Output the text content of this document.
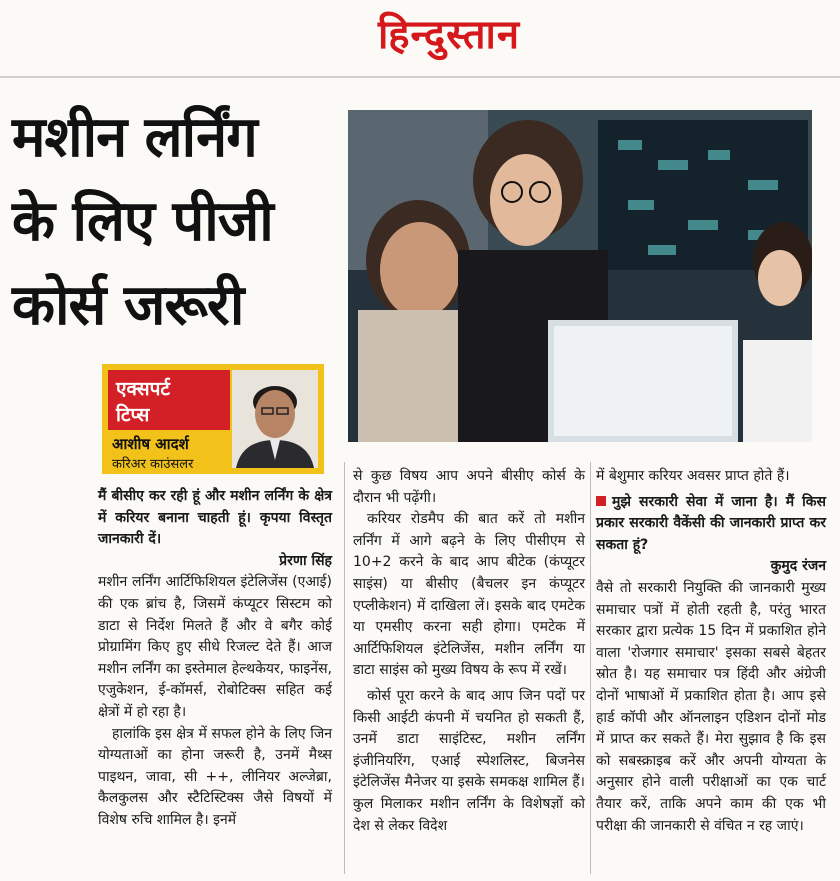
हिन्दुस्तान
मशीन लर्निंग
के लिए पीजी
कोर्स जरूरी
एक्सपर्ट
टिप्स
आशीष आदर्श
करिअर काउंसलर

मैं बीसीए कर रही हूं और मशीन लर्निंग के क्षेत्र में करियर बनाना चाहती हूं। कृपया विस्तृत जानकारी दें।

प्रेरणा सिंह

मशीन लर्निंग आर्टिफिशियल इंटेलिजेंस (एआई) की एक ब्रांच है, जिसमें कंप्यूटर सिस्टम को डाटा से निर्देश मिलते हैं और वे बगैर कोई प्रोग्रामिंग किए हुए सीधे रिजल्ट देते हैं। आज मशीन लर्निंग का इस्तेमाल हेल्थकेयर, फाइनेंस, एजुकेशन, ई-कॉमर्स, रोबोटिक्स सहित कई क्षेत्रों में हो रहा है।

हालांकि इस क्षेत्र में सफल होने के लिए जिन योग्यताओं का होना जरूरी है, उनमें मैथ्स पाइथन, जावा, सी ++, लीनियर अल्जेब्रा, कैलकुलस और स्टैटिस्टिक्स जैसे विषयों में विशेष रुचि शामिल है। इनमें

से कुछ विषय आप अपने बीसीए कोर्स के दौरान भी पढ़ेंगी।

करियर रोडमैप की बात करें तो मशीन लर्निंग में आगे बढ़ने के लिए पीसीएम से 10+2 करने के बाद आप बीटेक (कंप्यूटर साइंस) या बीसीए (बैचलर इन कंप्यूटर एप्लीकेशन) में दाखिला लें। इसके बाद एमटेक या एमसीए करना सही होगा। एमटेक में आर्टिफिशियल इंटेलिजेंस, मशीन लर्निंग या डाटा साइंस को मुख्य विषय के रूप में रखें।

कोर्स पूरा करने के बाद आप जिन पदों पर किसी आईटी कंपनी में चयनित हो सकती हैं, उनमें डाटा साइंटिस्ट, मशीन लर्निंग इंजीनियरिंग, एआई स्पेशलिस्ट, बिजनेस इंटेलिजेंस मैनेजर या इसके समकक्ष शामिल हैं। कुल मिलाकर मशीन लर्निंग के विशेषज्ञों को देश से लेकर विदेश

में बेशुमार करियर अवसर प्राप्त होते हैं।

मुझे सरकारी सेवा में जाना है। मैं किस प्रकार सरकारी वैकेंसी की जानकारी प्राप्त कर सकता हूं?

कुमुद रंजन

वैसे तो सरकारी नियुक्ति की जानकारी मुख्य समाचार पत्रों में होती रहती है, परंतु भारत सरकार द्वारा प्रत्येक 15 दिन में प्रकाशित होने वाला 'रोजगार समाचार' इसका सबसे बेहतर स्रोत है। यह समाचार पत्र हिंदी और अंग्रेजी दोनों भाषाओं में प्रकाशित होता है। आप इसे हार्ड कॉपी और ऑनलाइन एडिशन दोनों मोड में प्राप्त कर सकते हैं। मेरा सुझाव है कि इस को सबस्क्राइब करें और अपनी योग्यता के अनुसार होने वाली परीक्षाओं का एक चार्ट तैयार करें, ताकि अपने काम की एक भी परीक्षा की जानकारी से वंचित न रह जाएं।
